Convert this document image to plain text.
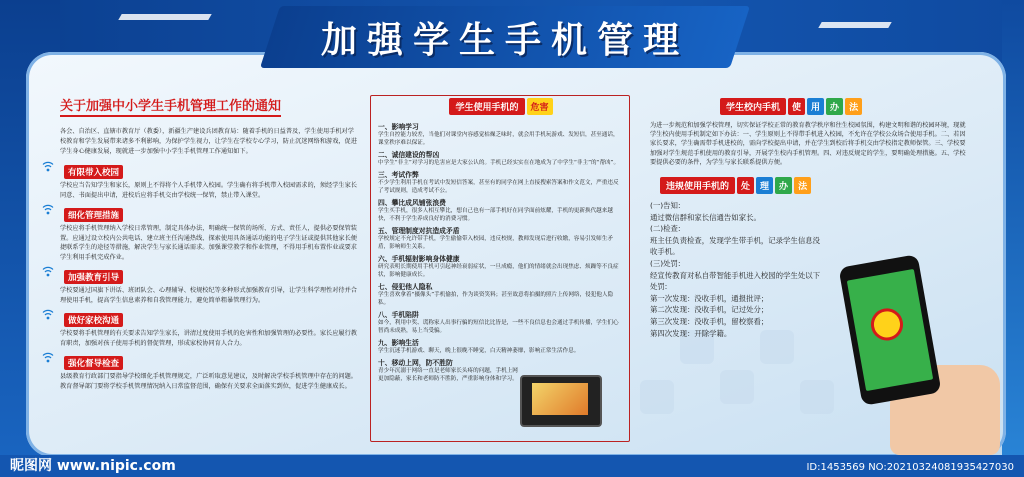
加强学生手机管理
关于加强中小学生手机管理工作的通知
各会、自治区、直辖市教育厅（教委），新疆生产建设兵团教育局：随着手机的日益普及，学生使用手机对学校教育和学生发展带来诸多不利影响，为保护学生视力，让学生在学校专心学习，防止沉迷网络和游戏，促进学生身心健康发展，现就进一步加强中小学生手机管理工作通知如下。
有限带入校园
学校应当告知学生和家长，原则上不得将个人手机带入校园。学生确有将手机带入校园需求的，须经学生家长同意、书面提出申请，进校后应将手机交由学校统一保管，禁止带入课堂。
细化管理措施
学校应将手机管理纳入学校日常管理，制定具体办法，明确统一保管的场所、方式、责任人，提供必要保管装置。应通过设立校内公共电话、建立班主任沟通热线、探索使用具备通话功能的电子学生证或提供其他家长便捷联系学生的途径等措施，解决学生与家长通话需求。加强课堂教学和作业管理，不得用手机布置作业或要求学生利用手机完成作业。
加强教育引导
学校要通过国旗下讲话、班团队会、心理辅导、校规校纪等多种形式加强教育引导，让学生科学理性对待并合理使用手机，提高学生信息素养和自我管理能力，避免简单粗暴管理行为。
做好家校沟通
学校要将手机管理的有关要求告知学生家长，讲清过度使用手机的危害性和加强管理的必要性。家长应履行教育职责，加强对孩子使用手机的督促管理，形成家校协同育人合力。
强化督导检查
县级教育行政部门要指导学校细化手机管理规定，广泛听取意见建议，及时解决学校手机管理中存在的问题。教育督导部门要将学校手机管理情况纳入日常监督范围，确保有关要求全面落实到位，促进学生健康成长。
学生使用手机的	危害
一、影响学习
学生自控能力较差，当他们对课堂内容感觉枯燥乏味时，就会用手机玩游戏、发短信，甚至通话，课堂秩序难以保证。
二、诚信建设的帮凶
中学生“非主”对学习的危害应是大家公认的。手机已经实实在在地成为了中学生“非主”的“帮凶”。
三、考试作弊
不少学生利用手机在考试中发短信答案，甚至有的同学在网上直接搜索答案和作文范文，严重违反了考试规则，造成考试不公。
四、攀比成风铺张浪费
学生买手机，很多人相互攀比，想自己也有一部手机好在同学面前炫耀，手机的更新换代越来越快，不利于学生养成良好的消费习惯。
五、管理制度对抗造成矛盾
学校规定不允许带手机，学生偷偷带入校园，违反校规，教师发现后进行收缴，容易引发师生矛盾，影响师生关系。
六、手机辐射影响身体健康
研究表明长期使用手机可引起神经衰弱症状，一旦成瘾，他们的情绪就会出现焦虑、烦躁等不良症状，影响健康成长。
七、侵犯他人隐私
学生喜欢拿着“摄像头”手机偷拍，作为谈资笑料；甚至故意将拍摄的照片上传网络，侵犯他人隐私。
八、手机陷阱
如今，利用中奖、谎称家人出事行骗的短信比比皆是，一些不良信息也会通过手机传播，学生们心智尚未成熟，易上当受骗。
九、影响生活
学生沉迷手机游戏、聊天，晚上很晚不睡觉，白天精神萎靡，影响正常生活作息。
十、移动上网，防不胜防
青少年沉溺于网络一直是老师家长头疼的问题，手机上网更加隐蔽，家长和老师防不胜防，严重影响身体和学习。
学生校内手机	使	用	办	法
为进一步规范和加强学校管理，切实保证学校正常的教育教学秩序和往生校园氛围，构建文明和谐的校园环境，现就学生校内使用手机制定如下办法：一、学生原则上不得带手机进入校园，不允许在学校公众场合使用手机。二、若因家长要求，学生确需带手机进校的，需向学校提出申请，并在学生到校后将手机交由学校指定教师保管。三、学校要加强对学生规范手机使用的教育引导，开展学生校内手机管理。四、对违反规定的学生，要明确处理措施。五、学校要提供必要的条件，为学生与家长联系提供方便。
违规使用手机的	处	理	办	法
(一)告知:
通过微信群和家长信通告如家长。
(二)检查:
班主任负责检查，发现学生带手机，记录学生信息没收手机。
(三)处罚:
经宣传教育对私自带智能手机进入校园的学生处以下处罚:
第一次发现：没收手机，通报批评；
第二次发现：没收手机，记过处分；
第三次发现：没收手机，留校察看；
第四次发现：开除学籍。
昵图网 www.nipic.com	ID:1453569 NO:20210324081935427030
